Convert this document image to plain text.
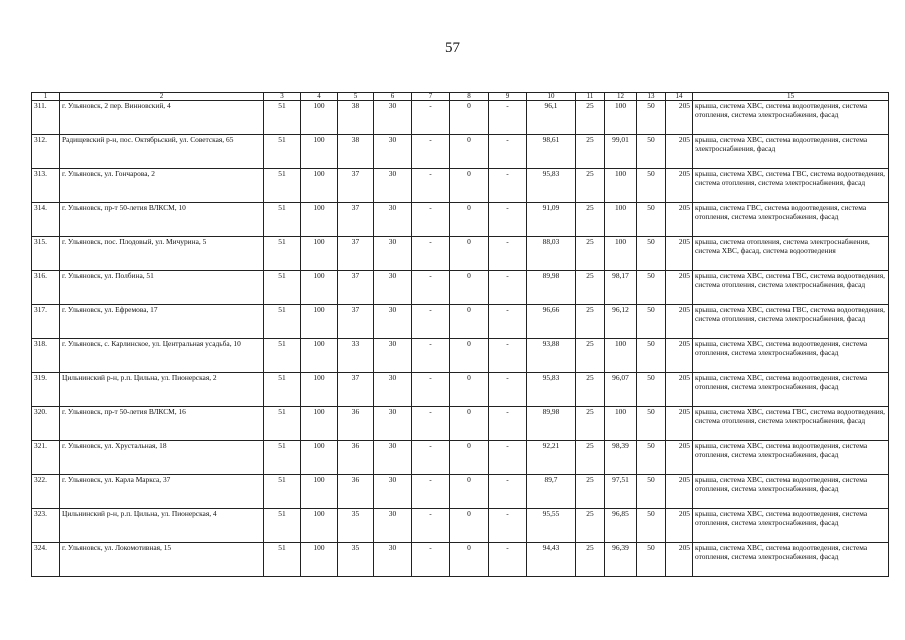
57
1	2	3	4	5	6	7	8	9	10	11	12	13	14	15
311.	г. Ульяновск, 2 пер. Винновский, 4	51	100	38	30	-	0	-	96,1	25	100	50	205	крыша, система ХВС, система водоотведения, система отопления, система электроснабжения, фасад
312.	Радищевский р-н, пос. Октябрьский, ул. Советская, 65	51	100	38	30	-	0	-	98,61	25	99,01	50	205	крыша, система ХВС, система водоотведения, система электроснабжения, фасад
313.	г. Ульяновск, ул. Гончарова, 2	51	100	37	30	-	0	-	95,83	25	100	50	205	крыша, система ХВС, система ГВС, система водоотведения, система отопления, система электроснабжения, фасад
314.	г. Ульяновск, пр-т 50-летия ВЛКСМ, 10	51	100	37	30	-	0	-	91,09	25	100	50	205	крыша, система ГВС, система водоотведения, система отопления, система электроснабжения, фасад
315.	г. Ульяновск, пос. Плодовый, ул. Мичурина, 5	51	100	37	30	-	0	-	88,03	25	100	50	205	крыша, система отопления, система электроснабжения, система ХВС, фасад, система водоотведения
316.	г. Ульяновск, ул. Полбина, 51	51	100	37	30	-	0	-	89,98	25	98,17	50	205	крыша, система ХВС, система ГВС, система водоотведения, система отопления, система электроснабжения, фасад
317.	г. Ульяновск, ул. Ефремова, 17	51	100	37	30	-	0	-	96,66	25	96,12	50	205	крыша, система ХВС, система ГВС, система водоотведения, система отопления, система электроснабжения, фасад
318.	г. Ульяновск, с. Карлинское, ул. Центральная усадьба, 10	51	100	33	30	-	0	-	93,88	25	100	50	205	крыша, система ХВС, система водоотведения, система отопления, система электроснабжения, фасад
319.	Цильнинский р-н, р.п. Цильна, ул. Пионерская, 2	51	100	37	30	-	0	-	95,83	25	96,07	50	205	крыша, система ХВС, система водоотведения, система отопления, система электроснабжения, фасад
320.	г. Ульяновск, пр-т 50-летия ВЛКСМ, 16	51	100	36	30	-	0	-	89,98	25	100	50	205	крыша, система ХВС, система ГВС, система водоотведения, система отопления, система электроснабжения, фасад
321.	г. Ульяновск, ул. Хрустальная, 18	51	100	36	30	-	0	-	92,21	25	98,39	50	205	крыша, система ХВС, система водоотведения, система отопления, система электроснабжения, фасад
322.	г. Ульяновск, ул. Карла Маркса, 37	51	100	36	30	-	0	-	89,7	25	97,51	50	205	крыша, система ХВС, система водоотведения, система отопления, система электроснабжения, фасад
323.	Цильнинский р-н, р.п. Цильна, ул. Пионерская, 4	51	100	35	30	-	0	-	95,55	25	96,85	50	205	крыша, система ХВС, система водоотведения, система отопления, система электроснабжения, фасад
324.	г. Ульяновск, ул. Локомотивная, 15	51	100	35	30	-	0	-	94,43	25	96,39	50	205	крыша, система ХВС, система водоотведения, система отопления, система электроснабжения, фасад
